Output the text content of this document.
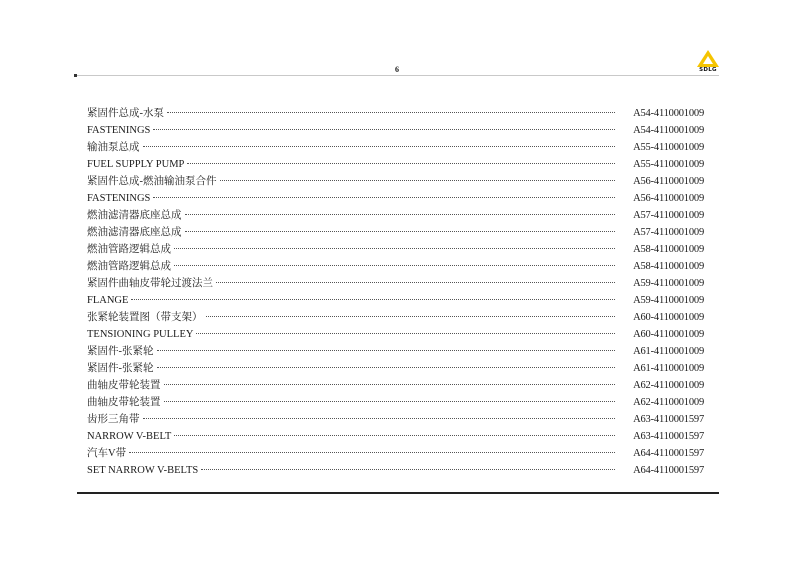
6	SDLG
紧固件总成-水泵	A54-4110001009
FASTENINGS	A54-4110001009
输油泵总成	A55-4110001009
FUEL SUPPLY PUMP	A55-4110001009
紧固件总成-燃油输油泵合件	A56-4110001009
FASTENINGS	A56-4110001009
燃油滤清器底座总成	A57-4110001009
燃油滤清器底座总成	A57-4110001009
燃油管路逻辑总成	A58-4110001009
燃油管路逻辑总成	A58-4110001009
紧固件曲轴皮带轮过渡法兰	A59-4110001009
FLANGE	A59-4110001009
张紧轮装置图（带支架）	A60-4110001009
TENSIONING PULLEY	A60-4110001009
紧固件-张紧轮	A61-4110001009
紧固件-张紧轮	A61-4110001009
曲轴皮带轮装置	A62-4110001009
曲轴皮带轮装置	A62-4110001009
齿形三角带	A63-4110001597
NARROW V-BELT	A63-4110001597
汽车V带	A64-4110001597
SET NARROW V-BELTS	A64-4110001597
